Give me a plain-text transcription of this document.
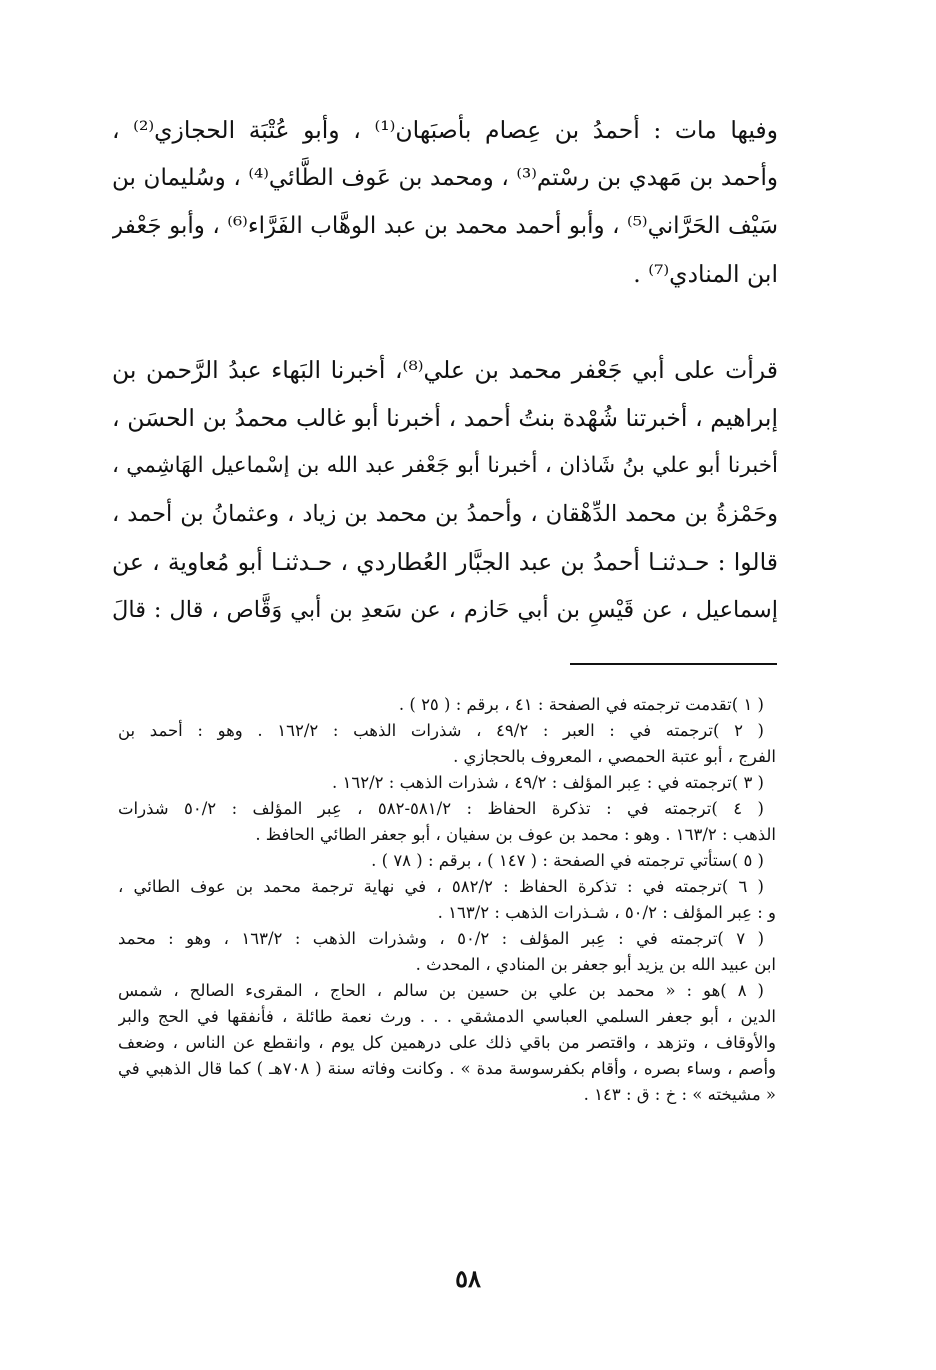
وفيها مات : أحمدُ بن عِصام بأصبَهان⁽¹⁾ ، وأبو عُتْبَة الحجازي⁽²⁾ ،
وأحمد بن مَهدي بن رسْتم⁽³⁾ ، ومحمد بن عَوف الطَّائي⁽⁴⁾ ، وسُليمان بن
سَيْف الحَرَّاني⁽⁵⁾ ، وأبو أحمد محمد بن عبد الوهَّاب الفَرَّاء⁽⁶⁾ ، وأبو جَعْفر
ابن المنادي⁽⁷⁾ .
قرأت على أبي جَعْفر محمد بن علي⁽⁸⁾، أخبرنا البَهاء عبدُ الرَّحمن بن
إبراهيم ، أخبرتنا شُهْدة بنتُ أحمد ، أخبرنا أبو غالب محمدُ بن الحسَن ،
أخبرنا أبو علي بنُ شَاذان ، أخبرنا أبو جَعْفر عبد الله بن إسْماعيل الهَاشِمي ،
وحَمْزةُ بن محمد الدِّهْقان ، وأحمدُ بن محمد بن زياد ، وعثمانُ بن أحمد ،
قالوا : حـدثنـا أحمدُ بن عبد الجبَّار العُطاردي ، حـدثنـا أبو مُعاوية ، عن
إسماعيل ، عن قَيْسِ بن أبي حَازم ، عن سَعدِ بن أبي وَقَّاص ، قال : قالَ
( ١ )تقدمت ترجمته في الصفحة : ٤١ ، برقم : ( ٢٥ ) .
( ٢ )ترجمته في : العبر : ٤٩/٢ ، شذرات الذهب : ١٦٢/٢ . وهو : أحمد بن
الفرج ، أبو عتبة الحمصي ، المعروف بالحجازي .
( ٣ )ترجمته في : عِبر المؤلف : ٤٩/٢ ، شذرات الذهب : ١٦٢/٢ .
( ٤ )ترجمته في : تذكرة الحفاظ : ٥٨١/٢-٥٨٢ ، عِبر المؤلف : ٥٠/٢ شذرات
الذهب : ١٦٣/٢ . وهو : محمد بن عوف بن سفيان ، أبو جعفر الطائي الحافظ .
( ٥ )ستأتي ترجمته في الصفحة : ( ١٤٧ ) ، برقم : ( ٧٨ ) .
( ٦ )ترجمته في : تذكرة الحفاظ : ٥٨٢/٢ ، في نهاية ترجمة محمد بن عوف الطائي ،
و : عِبر المؤلف : ٥٠/٢ ، شـذرات الذهب : ١٦٣/٢ .
( ٧ )ترجمته في : عِبر المؤلف : ٥٠/٢ ، وشذرات الذهب : ١٦٣/٢ ، وهو : محمد
ابن عبيد الله بن يزيد أبو جعفر بن المنادي ، المحدث .
( ٨ )هو : « محمد بن علي بن حسين بن سالم ، الحاج ، المقرىء الصالح ، شمس
الدين ، أبو جعفر السلمي العباسي الدمشقي . . . ورث نعمة طائلة ، فأنفقها في الحج والبر
والأوقاف ، وتزهد ، واقتصر من باقي ذلك على درهمين كل يوم ، وانقطع عن الناس ، وضعف
وأصم ، وساء بصره ، وأقام بكفرسوسة مدة » . وكانت وفاته سنة ( ٧٠٨هـ ) كما قال الذهبي في
« مشيخته » : خ : ق : ١٤٣ .
٥٨
